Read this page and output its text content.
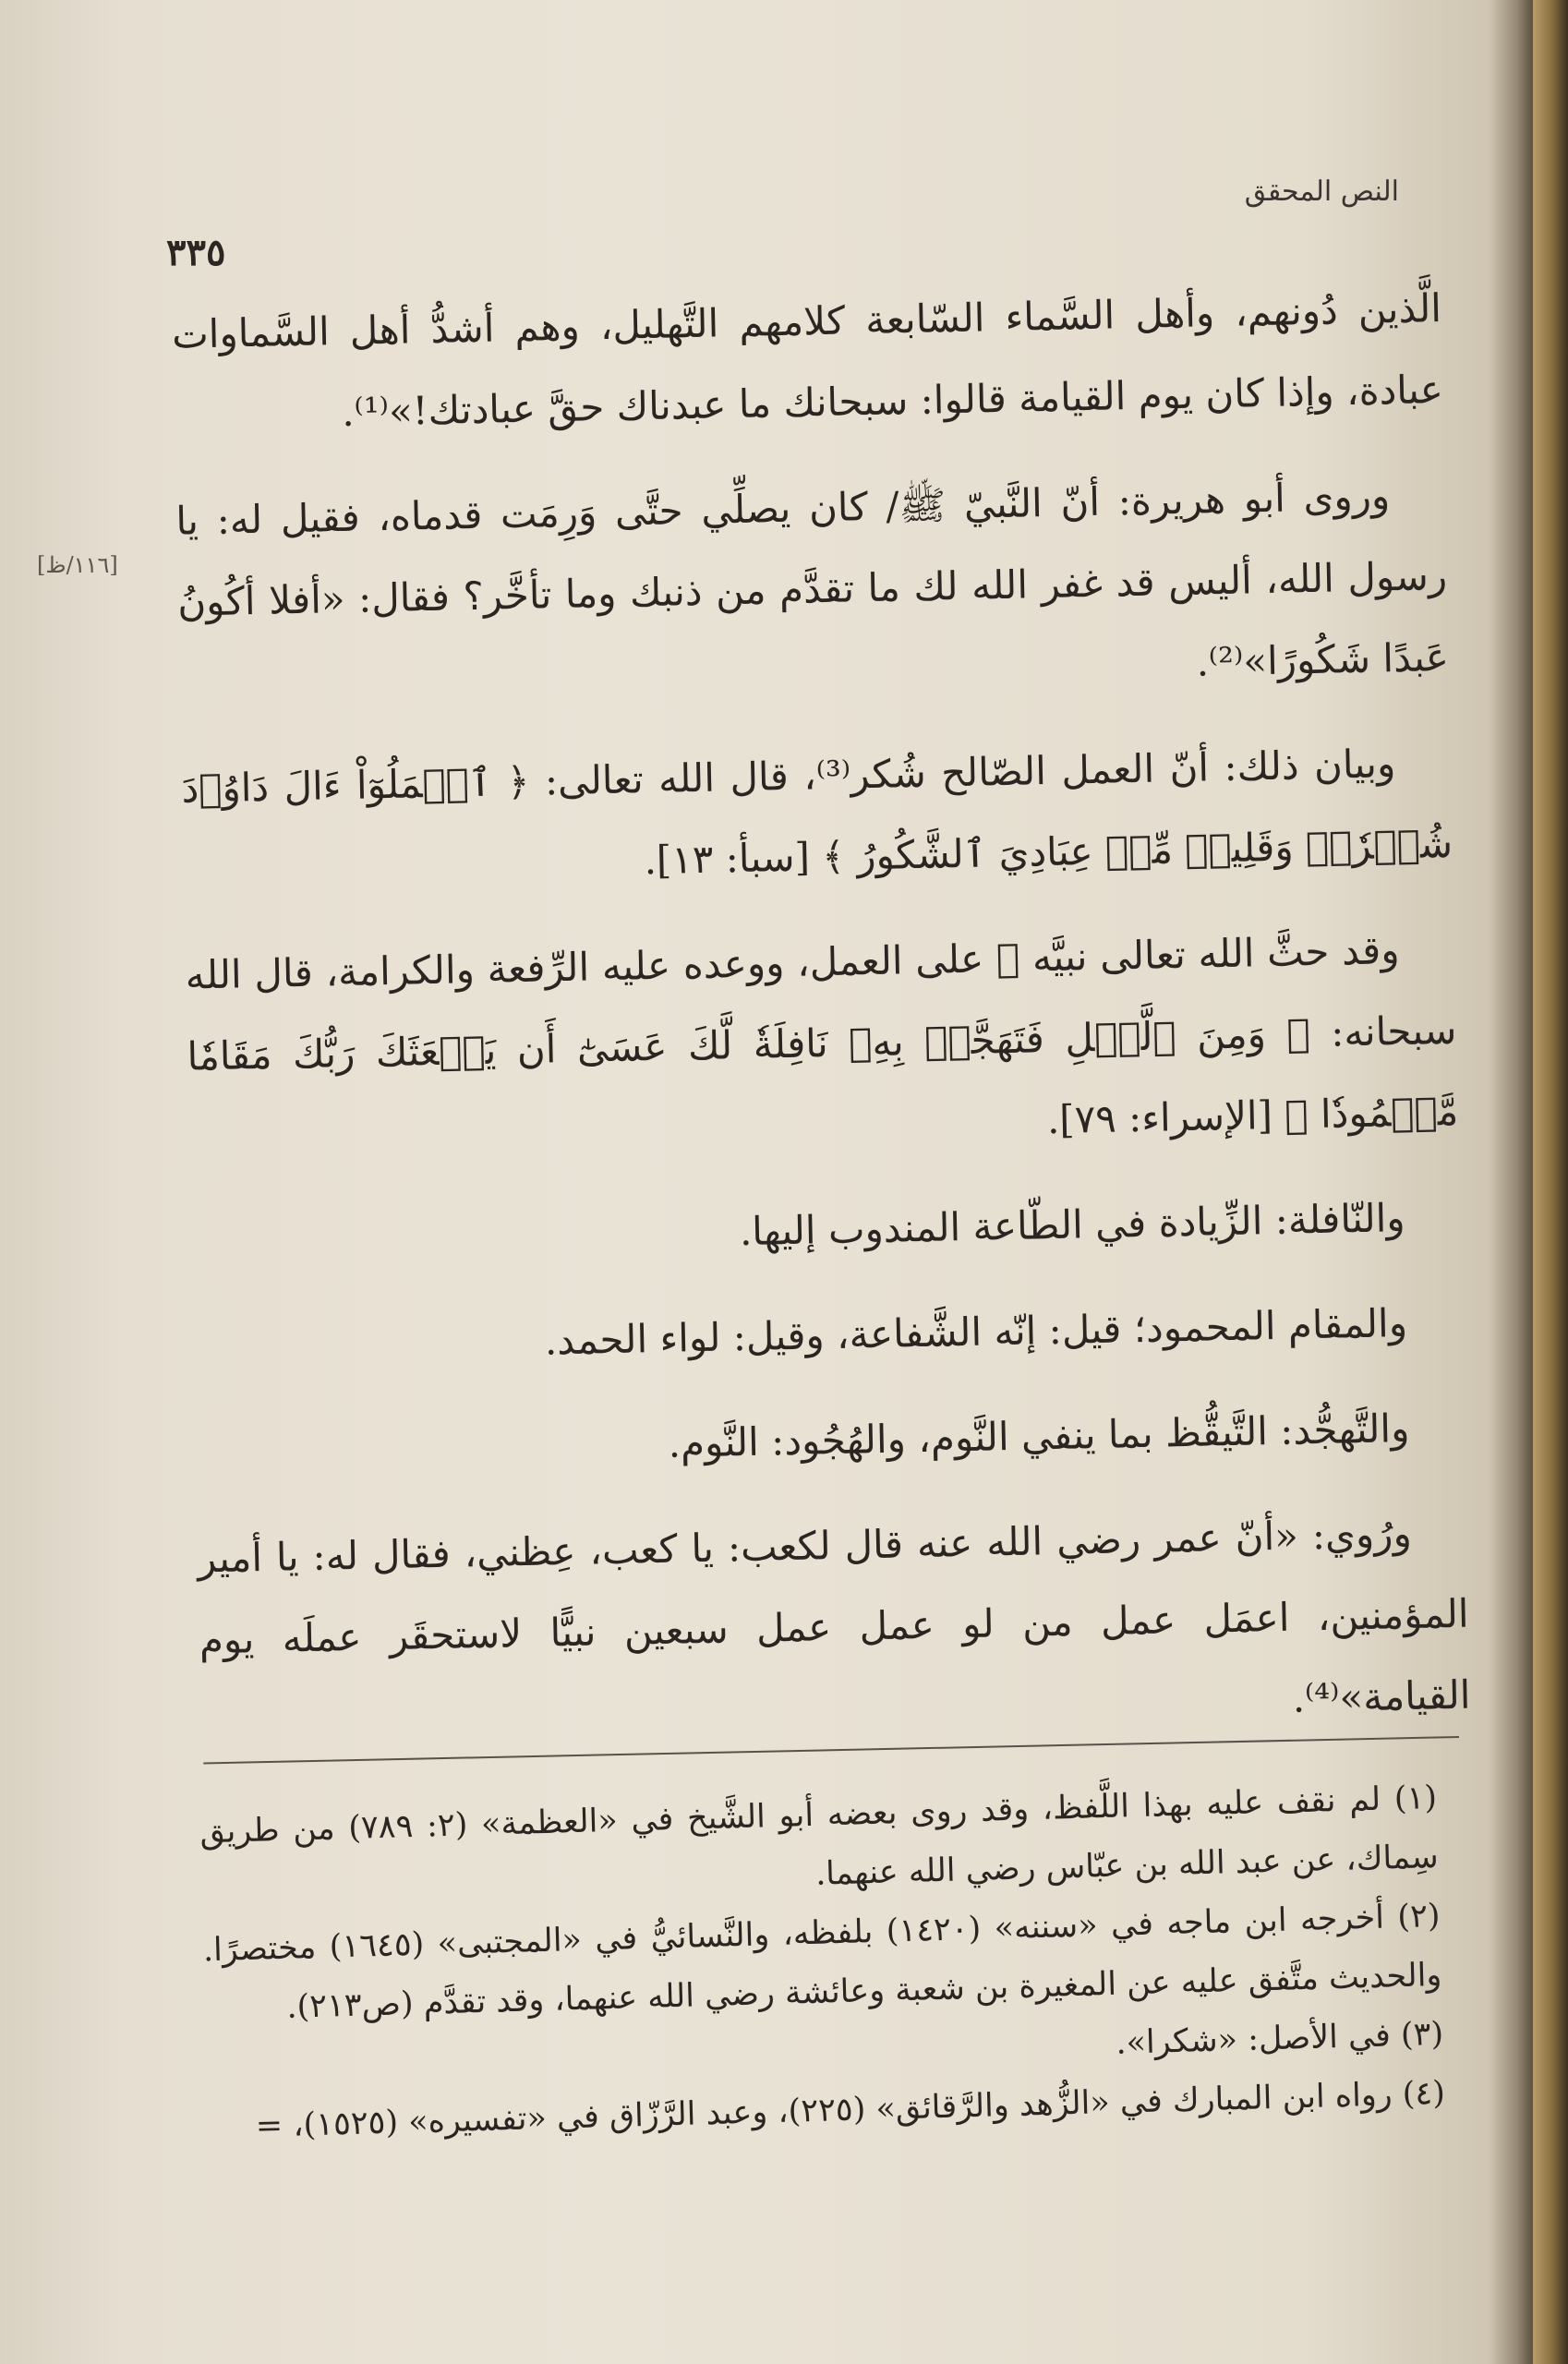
النص المحقق
٣٣٥
[١١٦/ظ]

الَّذين دُونهم، وأهل السَّماء السّابعة كلامهم التَّهليل، وهم أشدُّ أهل السَّماوات عبادة، وإذا كان يوم القيامة قالوا: سبحانك ما عبدناك حقَّ عبادتك!»⁽¹⁾.

وروى أبو هريرة: أنّ النَّبيّ ﷺ/ كان يصلِّي حتَّى وَرِمَت قدماه، فقيل له: يا رسول الله، أليس قد غفر الله لك ما تقدَّم من ذنبك وما تأخَّر؟ فقال: «أفلا أكُونُ عَبدًا شَكُورًا»⁽²⁾.

وبيان ذلك: أنّ العمل الصّالح شُكر⁽³⁾، قال الله تعالى: ﴿ ٱعۡمَلُوٓاْ ءَالَ دَاوُۥدَ شُكۡرٗاۚ وَقَلِيلٞ مِّنۡ عِبَادِيَ ٱلشَّكُورُ ﴾ [سبأ: ١٣].

وقد حثَّ الله تعالى نبيَّه ﷺ على العمل، ووعده عليه الرِّفعة والكرامة، قال الله سبحانه: ﴿ وَمِنَ ٱلَّيۡلِ فَتَهَجَّدۡ بِهِۦ نَافِلَةٗ لَّكَ عَسَىٰٓ أَن يَبۡعَثَكَ رَبُّكَ مَقَامٗا مَّحۡمُودٗا ﴾ [الإسراء: ٧٩].

والنّافلة: الزِّيادة في الطّاعة المندوب إليها.

والمقام المحمود؛ قيل: إنّه الشَّفاعة، وقيل: لواء الحمد.

والتَّهجُّد: التَّيقُّظ بما ينفي النَّوم، والهُجُود: النَّوم.

ورُوي: «أنّ عمر رضي الله عنه قال لكعب: يا كعب، عِظني، فقال له: يا أمير المؤمنين، اعمَل عمل من لو عمل عمل سبعين نبيًّا لاستحقَر عملَه يوم القيامة»⁽⁴⁾.

(١) لم نقف عليه بهذا اللَّفظ، وقد روى بعضه أبو الشَّيخ في «العظمة» (٢: ٧٨٩) من طريق سِماك، عن عبد الله بن عبّاس رضي الله عنهما.

(٢) أخرجه ابن ماجه في «سننه» (١٤٢٠) بلفظه، والنَّسائيُّ في «المجتبى» (١٦٤٥) مختصرًا. والحديث متَّفق عليه عن المغيرة بن شعبة وعائشة رضي الله عنهما، وقد تقدَّم (ص٢١٣).

(٣) في الأصل: «شكرا».

(٤) رواه ابن المبارك في «الزُّهد والرَّقائق» (٢٢٥)، وعبد الرَّزّاق في «تفسيره» (١٥٢٥)، =
